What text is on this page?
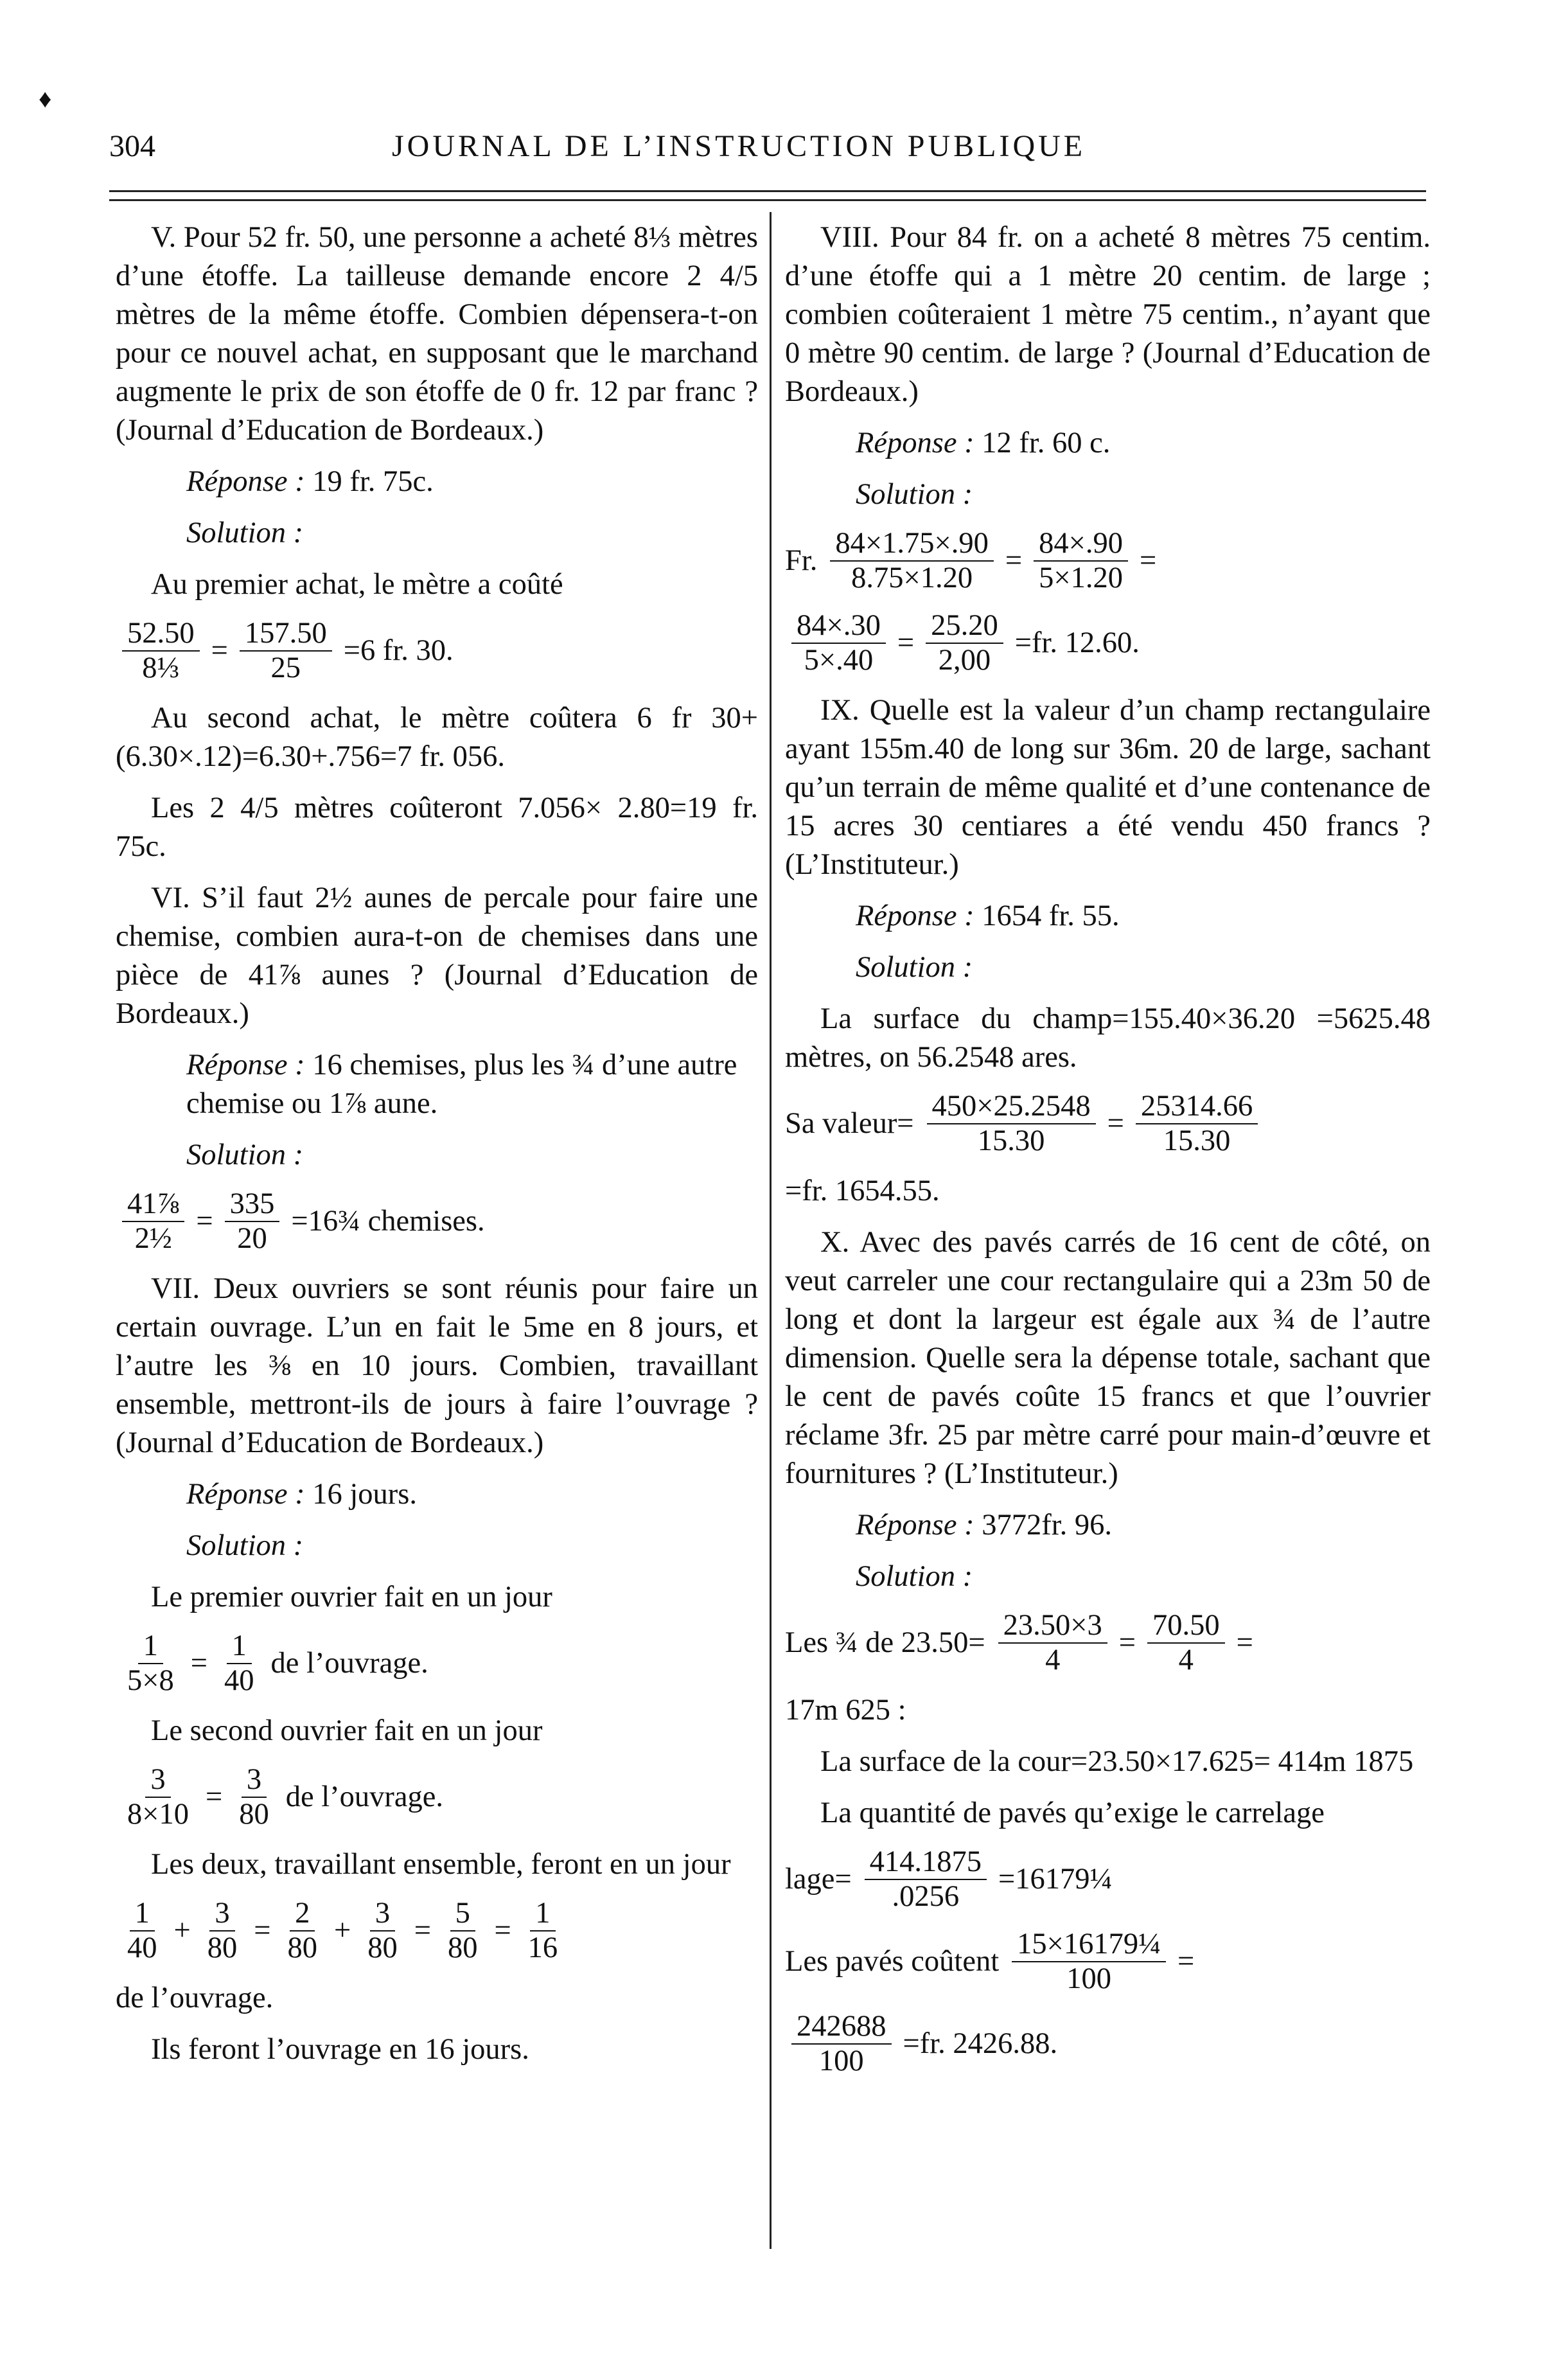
♦
304	JOURNAL DE L’INSTRUCTION PUBLIQUE

V. Pour 52 fr. 50, une personne a acheté 8⅓ mètres d’une étoffe. La tailleuse demande encore 2 4/5 mètres de la même étoffe. Combien dépensera-t-on pour ce nouvel achat, en supposant que le marchand augmente le prix de son étoffe de 0 fr. 12 par franc ? (Journal d’Education de Bordeaux.)

Réponse : 19 fr. 75c.

Solution :

Au premier achat, le mètre a coûté

$\frac{52.50}{\text{8⅓}} = \frac{157.50}{25} =6$ fr. 30.

Au second achat, le mètre coûtera 6 fr 30+(6.30×.12)=6.30+.756=7 fr. 056.

Les 2 4/5 mètres coûteront 7.056× 2.80=19 fr. 75c.

VI. S’il faut 2½ aunes de percale pour faire une chemise, combien aura-t-on de chemises dans une pièce de 41⅞ aunes ? (Journal d’Education de Bordeaux.)

Réponse : 16 chemises, plus les ¾ d’une autre chemise ou 1⅞ aune.

Solution :

$\frac{\text{41⅞}}{\text{2½}} = \frac{335}{20}$ =16¾ chemises.

VII. Deux ouvriers se sont réunis pour faire un certain ouvrage. L’un en fait le 5me en 8 jours, et l’autre les ⅜ en 10 jours. Combien, travaillant ensemble, mettront-ils de jours à faire l’ouvrage ? (Journal d’Education de Bordeaux.)

Réponse : 16 jours.

Solution :

Le premier ouvrier fait en un jour

$\frac{1}{5\times 8} = \frac{1}{40}$ de l’ouvrage.

Le second ouvrier fait en un jour

$\frac{3}{8\times 10} = \frac{3}{80}$ de l’ouvrage.

Les deux, travaillant ensemble, feront en un jour

$\frac{1}{40} + \frac{3}{80} = \frac{2}{80} + \frac{3}{80} = \frac{5}{80} = \frac{1}{16}$

de l’ouvrage.

Ils feront l’ouvrage en 16 jours.

VIII. Pour 84 fr. on a acheté 8 mètres 75 centim. d’une étoffe qui a 1 mètre 20 centim. de large ; combien coûteraient 1 mètre 75 centim., n’ayant que 0 mètre 90 centim. de large ? (Journal d’Education de Bordeaux.)

Réponse : 12 fr. 60 c.

Solution :

Fr. $\frac{84\times 1.75\times.90}{8.75\times 1.20} = \frac{84\times.90}{5\times 1.20}$ =
$\frac{84\times.30}{5\times.40} = \frac{25.20}{2,00} =fr$. 12.60.

IX. Quelle est la valeur d’un champ rectangulaire ayant 155m.40 de long sur 36m. 20 de large, sachant qu’un terrain de même qualité et d’une contenance de 15 acres 30 centiares a été vendu 450 francs ? (L’Instituteur.)

Réponse : 1654 fr. 55.

Solution :

La surface du champ=155.40×36.20 =5625.48 mètres, on 56.2548 ares.

Sa valeur= $\frac{450\times 25.2548}{15.30} = \frac{25314.66}{15.30}$

=fr. 1654.55.

X. Avec des pavés carrés de 16 cent de côté, on veut carreler une cour rectangulaire qui a 23m 50 de long et dont la largeur est égale aux ¾ de l’autre dimension. Quelle sera la dépense totale, sachant que le cent de pavés coûte 15 francs et que l’ouvrier réclame 3fr. 25 par mètre carré pour main-d’œuvre et fournitures ? (L’Instituteur.)

Réponse : 3772fr. 96.

Solution :

Les ¾ de $23.50= \frac{23.50\times 3}{4} = \frac{70.50}{4}$ =

17m 625 :

La surface de la cour=23.50×17.625= 414m 1875

La quantité de pavés qu’exige le carrelage

lage= $\frac{414.1875}{.0256}$ =16179¼
Les pavés coûtent $\frac{\text{15×16179¼}}{100}$ =
$\frac{242688}{100} =fr$. 2426.88.
